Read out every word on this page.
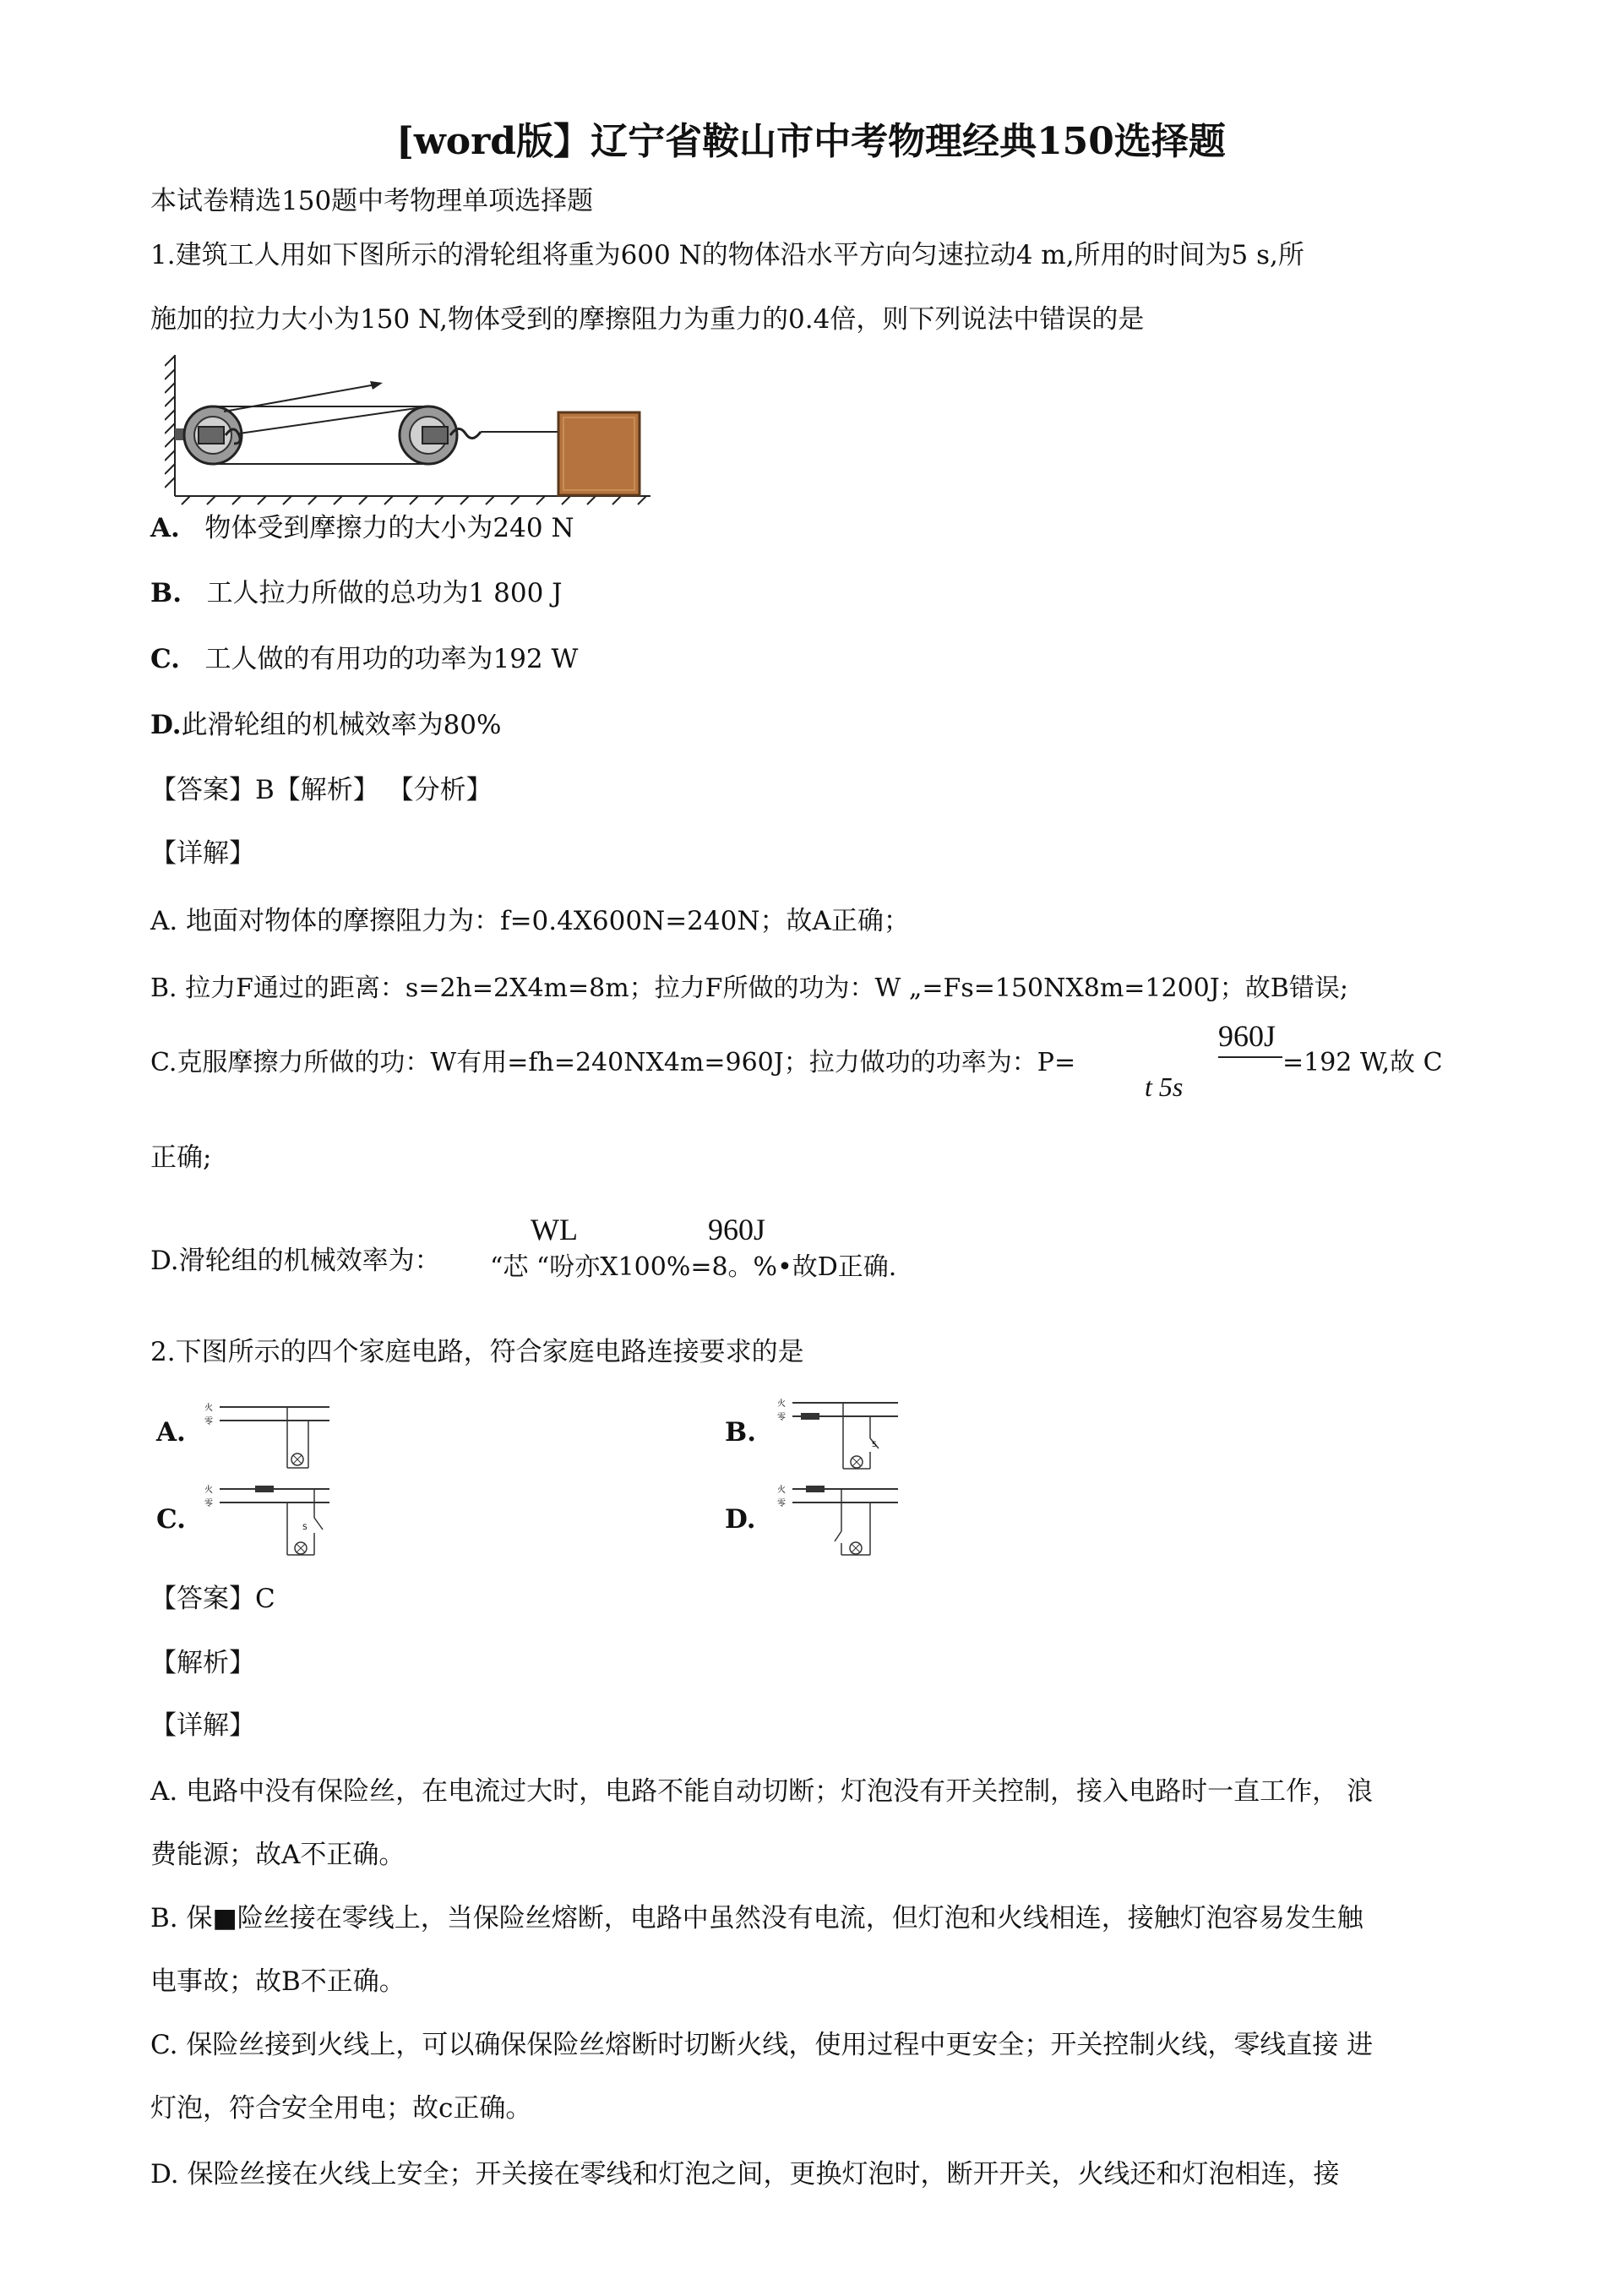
[word版】辽宁省鞍山市中考物理经典150选择题
本试卷精选150题中考物理单项选择题
1.建筑工人用如下图所示的滑轮组将重为600 N的物体沿水平方向匀速拉动4 m,所用的时间为5 s,所
施加的拉力大小为150 N,物体受到的摩擦阻力为重力的0.4倍，则下列说法中错误的是
A. 物体受到摩擦力的大小为240 N
B. 工人拉力所做的总功为1 800 J
C. 工人做的有用功的功率为192 W
D.此滑轮组的机械效率为80%
【答案】B【解析】 【分析】
【详解】
A. 地面对物体的摩擦阻力为：f=0.4X600N=240N；故A正确；
B. 拉力F通过的距离：s=2h=2X4m=8m；拉力F所做的功为：W „=Fs=150NX8m=1200J；故B错误;
C.克服摩擦力所做的功：W有用=fh=240NX4m=960J；拉力做功的功率为：P=
960J
t 5s
=192 W,故 C
正确;
D.滑轮组的机械效率为：
WL	960J
“芯 “吩亦X100%=8。%•故D正确.
2.下图所示的四个家庭电路，符合家庭电路连接要求的是
A.
火
零	B.
火
零
S
C.
火
零
S	D.
火
零
【答案】C
【解析】
【详解】
A. 电路中没有保险丝，在电流过大时，电路不能自动切断；灯泡没有开关控制，接入电路时一直工作， 浪
费能源；故A不正确。
B. 保■险丝接在零线上，当保险丝熔断，电路中虽然没有电流，但灯泡和火线相连，接触灯泡容易发生触
电事故；故B不正确。
C. 保险丝接到火线上，可以确保保险丝熔断时切断火线，使用过程中更安全；开关控制火线，零线直接 进
灯泡，符合安全用电；故c正确。
D. 保险丝接在火线上安全；开关接在零线和灯泡之间，更换灯泡时，断开开关，火线还和灯泡相连，接
